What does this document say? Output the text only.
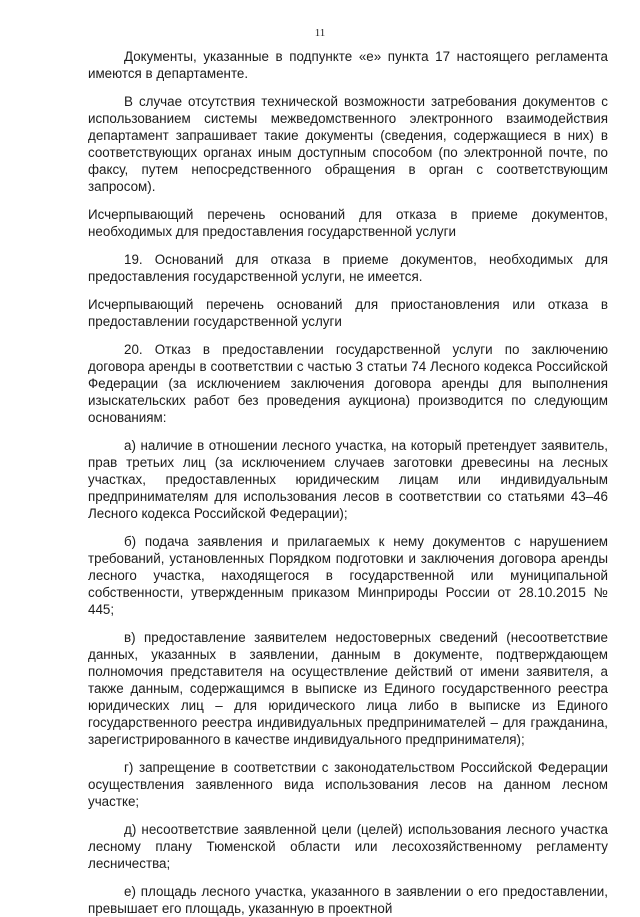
11

Документы, указанные в подпункте «е» пункта 17 настоящего регламента имеются в департаменте.

В случае отсутствия технической возможности затребования документов с использованием системы межведомственного электронного взаимодействия департамент запрашивает такие документы (сведения, содержащиеся в них) в соответствующих органах иным доступным способом (по электронной почте, по факсу, путем непосредственного обращения в орган с соответствующим запросом).

Исчерпывающий перечень оснований для отказа в приеме документов, необходимых для предоставления государственной услуги

19. Оснований для отказа в приеме документов, необходимых для предоставления государственной услуги, не имеется.

Исчерпывающий перечень оснований для приостановления или отказа в предоставлении государственной услуги

20. Отказ в предоставлении государственной услуги по заключению договора аренды в соответствии с частью 3 статьи 74 Лесного кодекса Российской Федерации (за исключением заключения договора аренды для выполнения изыскательских работ без проведения аукциона) производится по следующим основаниям:

а) наличие в отношении лесного участка, на который претендует заявитель, прав третьих лиц (за исключением случаев заготовки древесины на лесных участках, предоставленных юридическим лицам или индивидуальным предпринимателям для использования лесов в соответствии со статьями 43–46 Лесного кодекса Российской Федерации);

б) подача заявления и прилагаемых к нему документов с нарушением требований, установленных Порядком подготовки и заключения договора аренды лесного участка, находящегося в государственной или муниципальной собственности, утвержденным приказом Минприроды России от 28.10.2015 № 445;

в) предоставление заявителем недостоверных сведений (несоответствие данных, указанных в заявлении, данным в документе, подтверждающем полномочия представителя на осуществление действий от имени заявителя, а также данным, содержащимся в выписке из Единого государственного реестра юридических лиц – для юридического лица либо в выписке из Единого государственного реестра индивидуальных предпринимателей – для гражданина, зарегистрированного в качестве индивидуального предпринимателя);

г) запрещение в соответствии с законодательством Российской Федерации осуществления заявленного вида использования лесов на данном лесном участке;

д) несоответствие заявленной цели (целей) использования лесного участка лесному плану Тюменской области или лесохозяйственному регламенту лесничества;

е) площадь лесного участка, указанного в заявлении о его предоставлении, превышает его площадь, указанную в проектной
